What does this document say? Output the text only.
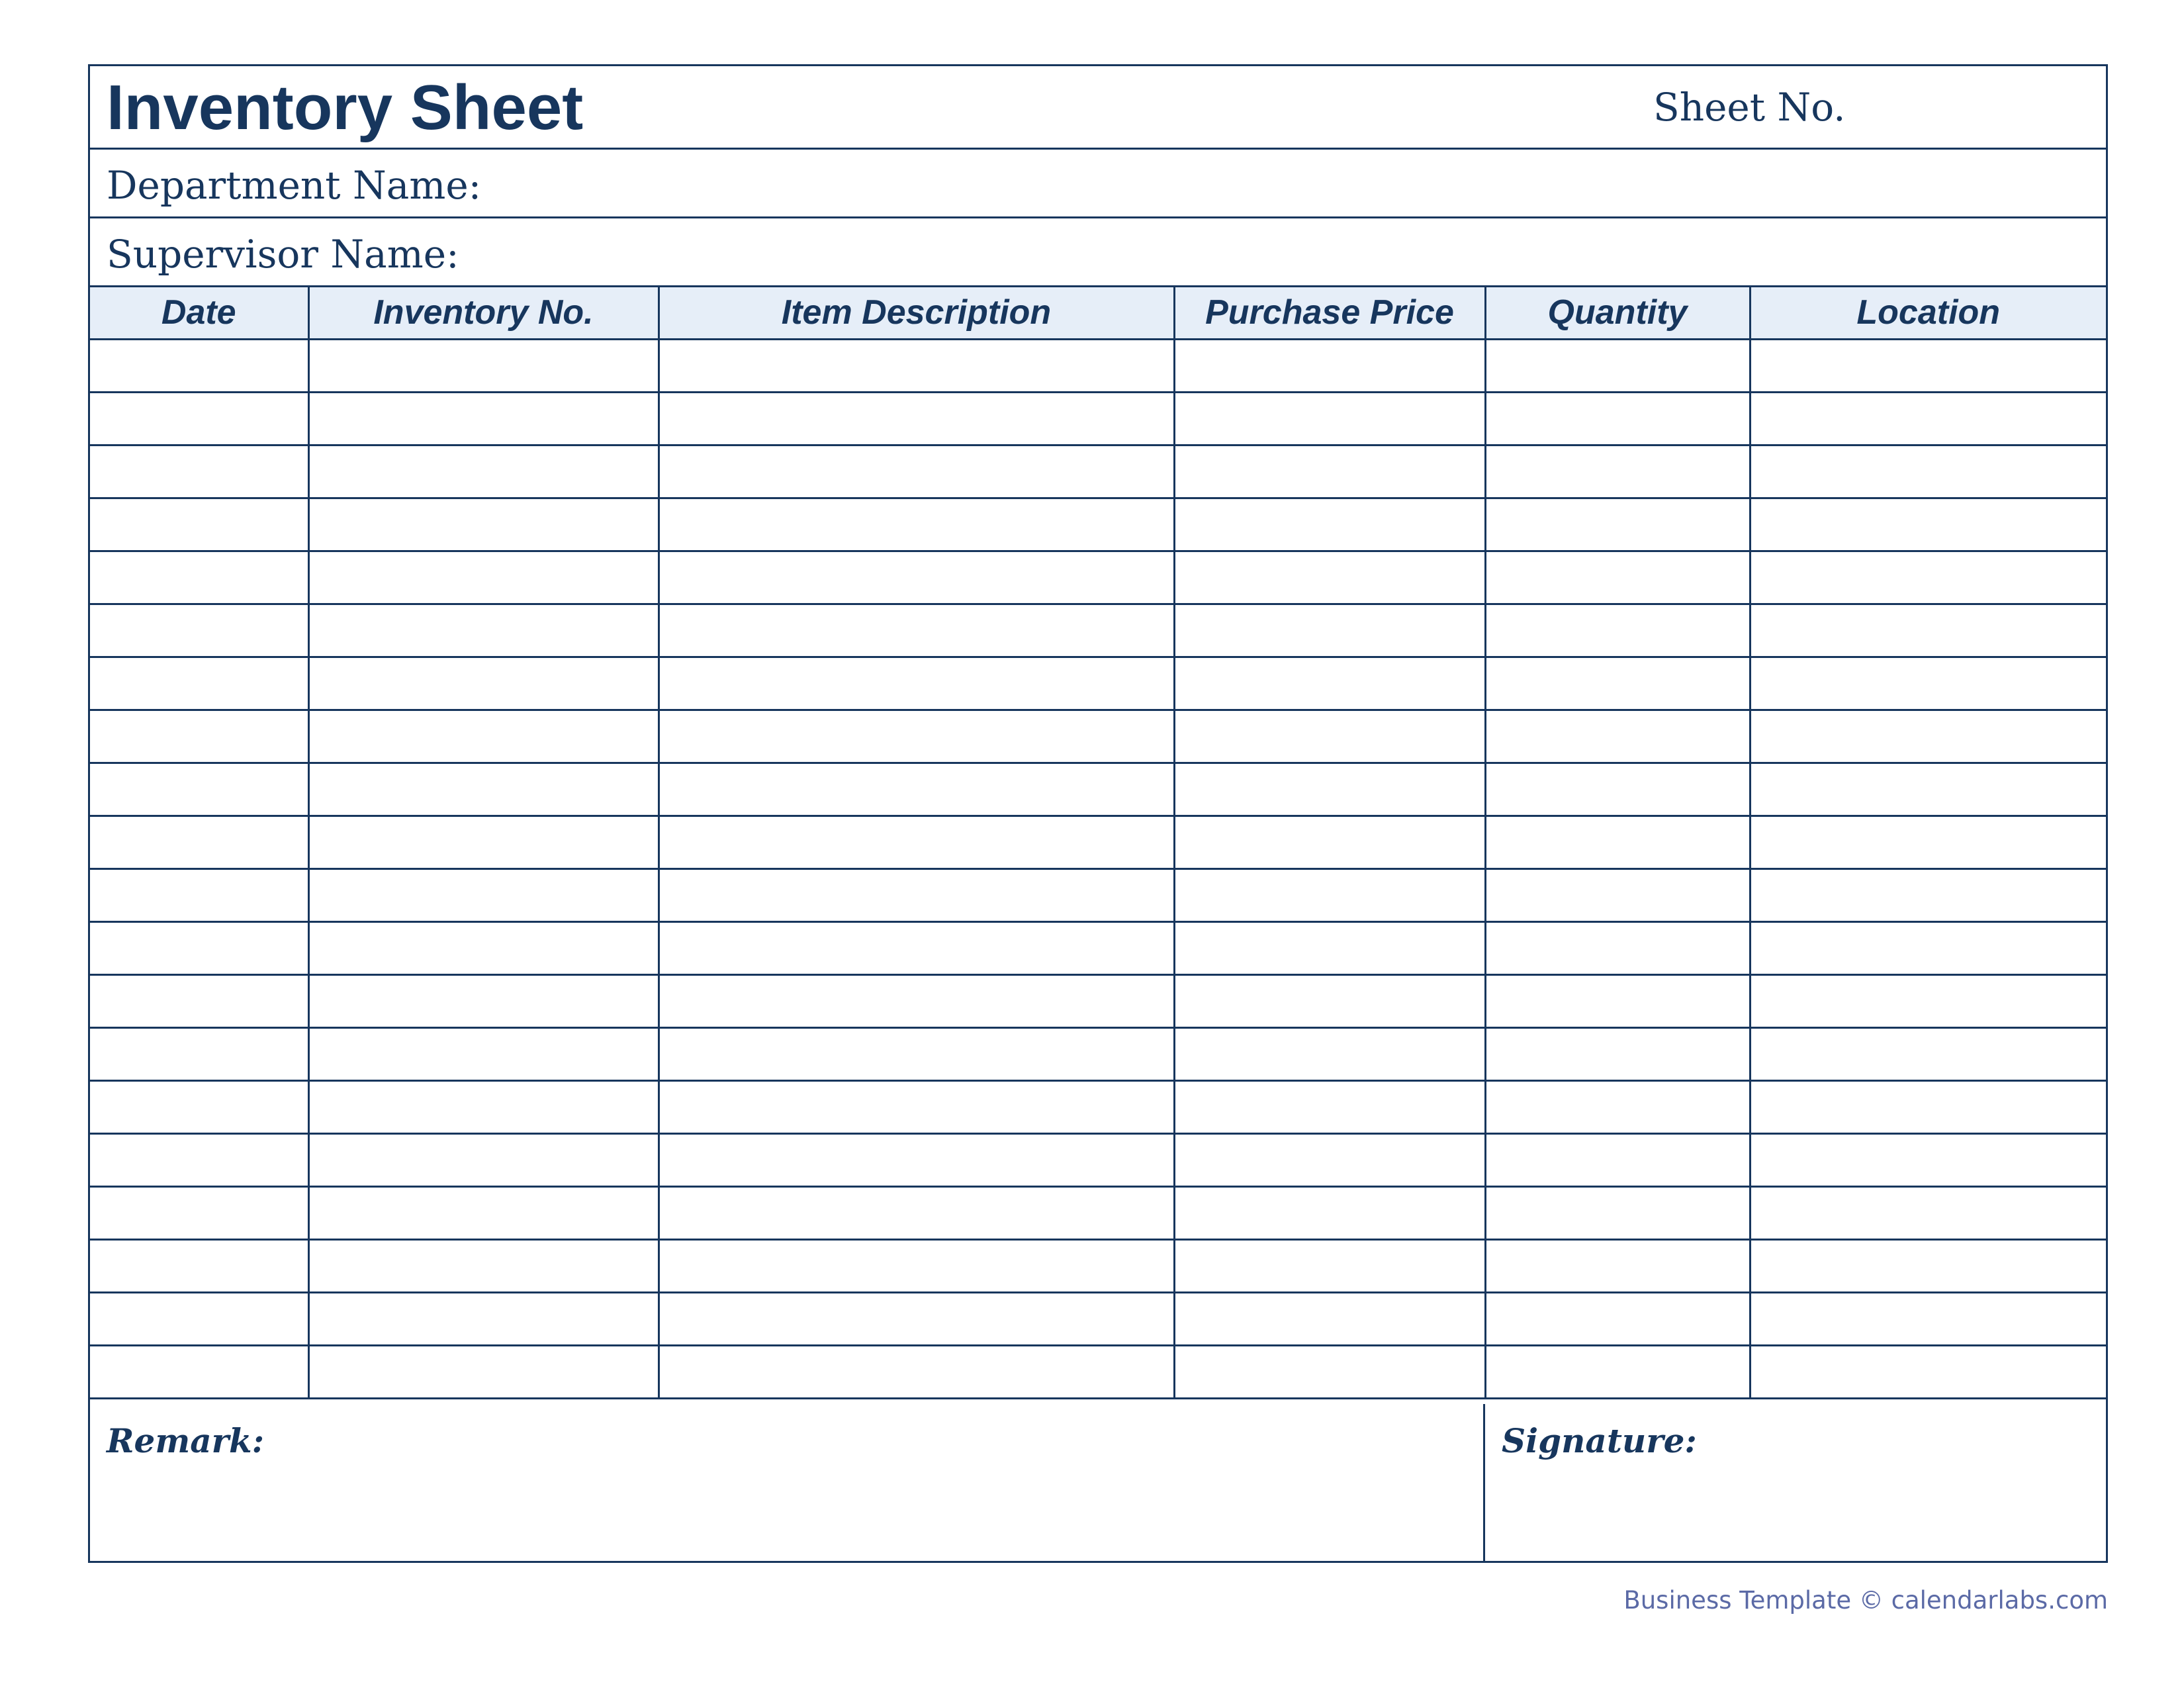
Inventory Sheet	Sheet No.
Department Name:
Supervisor Name:
Date	Inventory No.	Item Description	Purchase Price	Quantity	Location

Remark:	Signature:
Business Template © calendarlabs.com
